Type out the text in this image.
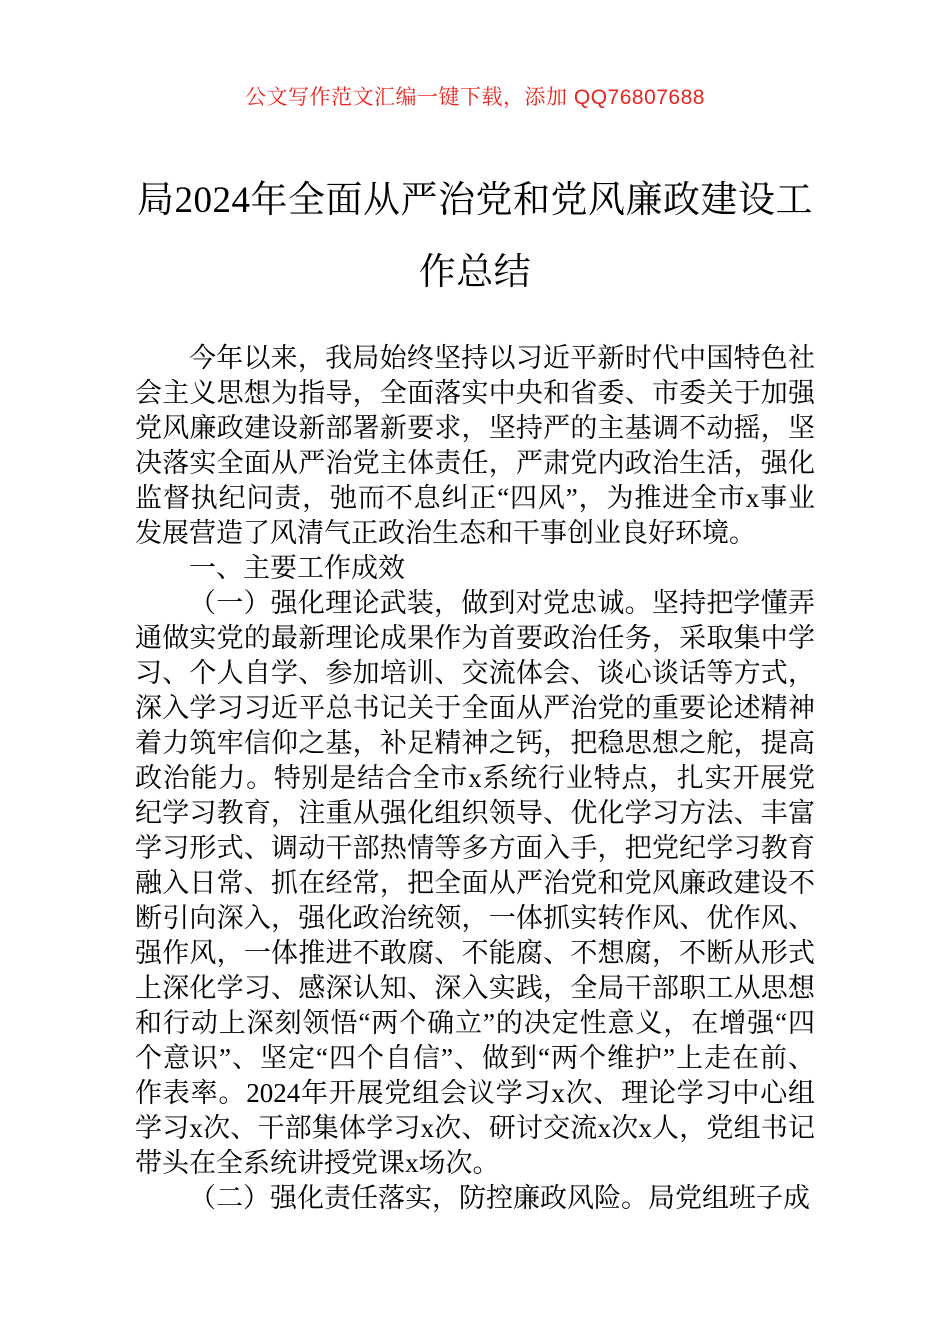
公文写作范文汇编一键下载，添加 QQ76807688
局2024年全面从严治党和党风廉政建设工作总结

今年以来，我局始终坚持以习近平新时代中国特色社会主义思想为指导，全面落实中央和省委、市委关于加强党风廉政建设新部署新要求，坚持严的主基调不动摇，坚决落实全面从严治党主体责任，严肃党内政治生活，强化监督执纪问责，弛而不息纠正“四风”，为推进全市x事业发展营造了风清气正政治生态和干事创业良好环境。

一、主要工作成效

（一）强化理论武装，做到对党忠诚。坚持把学懂弄通做实党的最新理论成果作为首要政治任务，采取集中学习、个人自学、参加培训、交流体会、谈心谈话等方式，深入学习习近平总书记关于全面从严治党的重要论述精神着力筑牢信仰之基，补足精神之钙，把稳思想之舵，提高政治能力。特别是结合全市x系统行业特点，扎实开展党纪学习教育，注重从强化组织领导、优化学习方法、丰富学习形式、调动干部热情等多方面入手，把党纪学习教育融入日常、抓在经常，把全面从严治党和党风廉政建设不断引向深入，强化政治统领，一体抓实转作风、优作风、强作风，一体推进不敢腐、不能腐、不想腐，不断从形式上深化学习、感深认知、深入实践，全局干部职工从思想和行动上深刻领悟“两个确立”的决定性意义，在增强“四个意识”、坚定“四个自信”、做到“两个维护”上走在前、作表率。2024年开展党组会议学习x次、理论学习中心组学习x次、干部集体学习x次、研讨交流x次x人，党组书记带头在全系统讲授党课x场次。

（二）强化责任落实，防控廉政风险。局党组班子成
